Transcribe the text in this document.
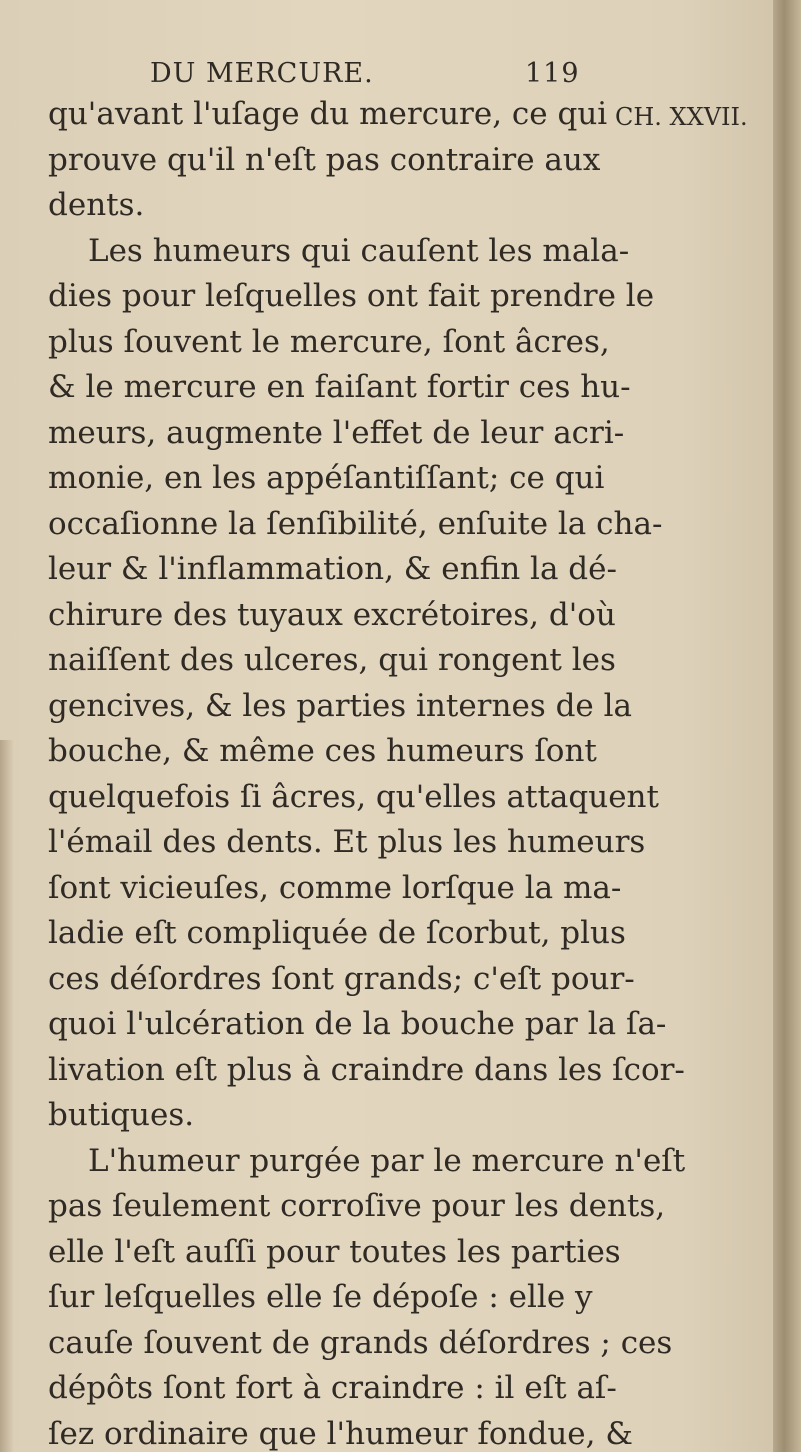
DU MERCURE.	119
CH. XXVII.
qu'avant l'uſage du mercure, ce qui
prouve qu'il n'eſt pas contraire aux
dents.
Les humeurs qui cauſent les mala-
dies pour leſquelles ont fait prendre le
plus ſouvent le mercure, ſont âcres,
& le mercure en faiſant fortir ces hu-
meurs, augmente l'effet de leur acri-
monie, en les appéſantiſſant; ce qui
occaſionne la ſenſibilité, enſuite la cha-
leur & l'inflammation, & enfin la dé-
chirure des tuyaux excrétoires, d'où
naiſſent des ulceres, qui rongent les
gencives, & les parties internes de la
bouche, & même ces humeurs ſont
quelquefois ſi âcres, qu'elles attaquent
l'émail des dents. Et plus les humeurs
ſont vicieuſes, comme lorſque la ma-
ladie eſt compliquée de ſcorbut, plus
ces déſordres ſont grands; c'eſt pour-
quoi l'ulcération de la bouche par la ſa-
livation eſt plus à craindre dans les ſcor-
butiques.
L'humeur purgée par le mercure n'eſt
pas ſeulement corroſive pour les dents,
elle l'eſt auſſi pour toutes les parties
ſur leſquelles elle ſe dépoſe : elle y
cauſe ſouvent de grands déſordres ; ces
dépôts ſont fort à craindre : il eſt aſ-
ſez ordinaire que l'humeur fondue, &
